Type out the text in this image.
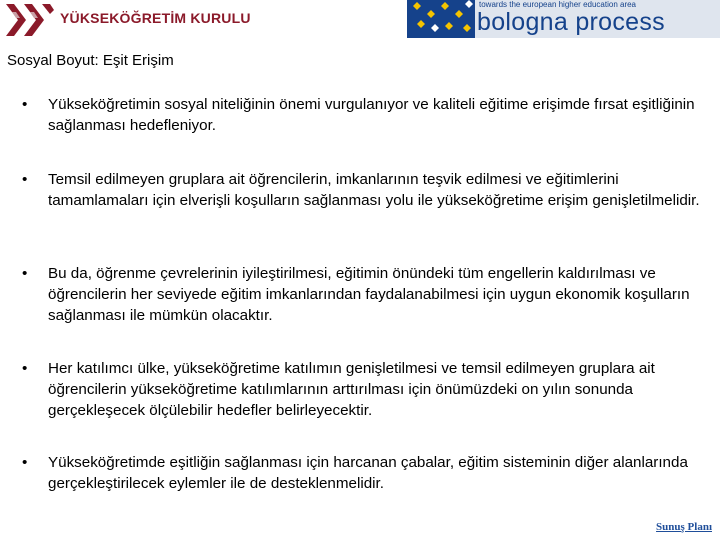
YÜKSEKÖĞRETİM KURULU
towards the european higher education area
bologna process
Sosyal Boyut: Eşit Erişim
• Yükseköğretimin sosyal niteliğinin önemi vurgulanıyor ve kaliteli eğitime erişimde fırsat eşitliğinin sağlanması hedefleniyor.
• Temsil edilmeyen gruplara ait öğrencilerin, imkanlarının teşvik edilmesi ve eğitimlerini tamamlamaları için elverişli koşulların sağlanması yolu ile yükseköğretime erişim genişletilmelidir.
• Bu da, öğrenme çevrelerinin iyileştirilmesi, eğitimin önündeki tüm engellerin kaldırılması ve öğrencilerin her seviyede eğitim imkanlarından faydalanabilmesi için uygun ekonomik koşulların sağlanması ile mümkün olacaktır.
• Her katılımcı ülke, yükseköğretime katılımın genişletilmesi ve temsil edilmeyen gruplara ait öğrencilerin yükseköğretime katılımlarının arttırılması için önümüzdeki on yılın sonunda gerçekleşecek ölçülebilir hedefler belirleyecektir.
• Yükseköğretimde eşitliğin sağlanması için harcanan çabalar, eğitim sisteminin diğer alanlarında gerçekleştirilecek eylemler ile de desteklenmelidir.
Sunuş Planı
